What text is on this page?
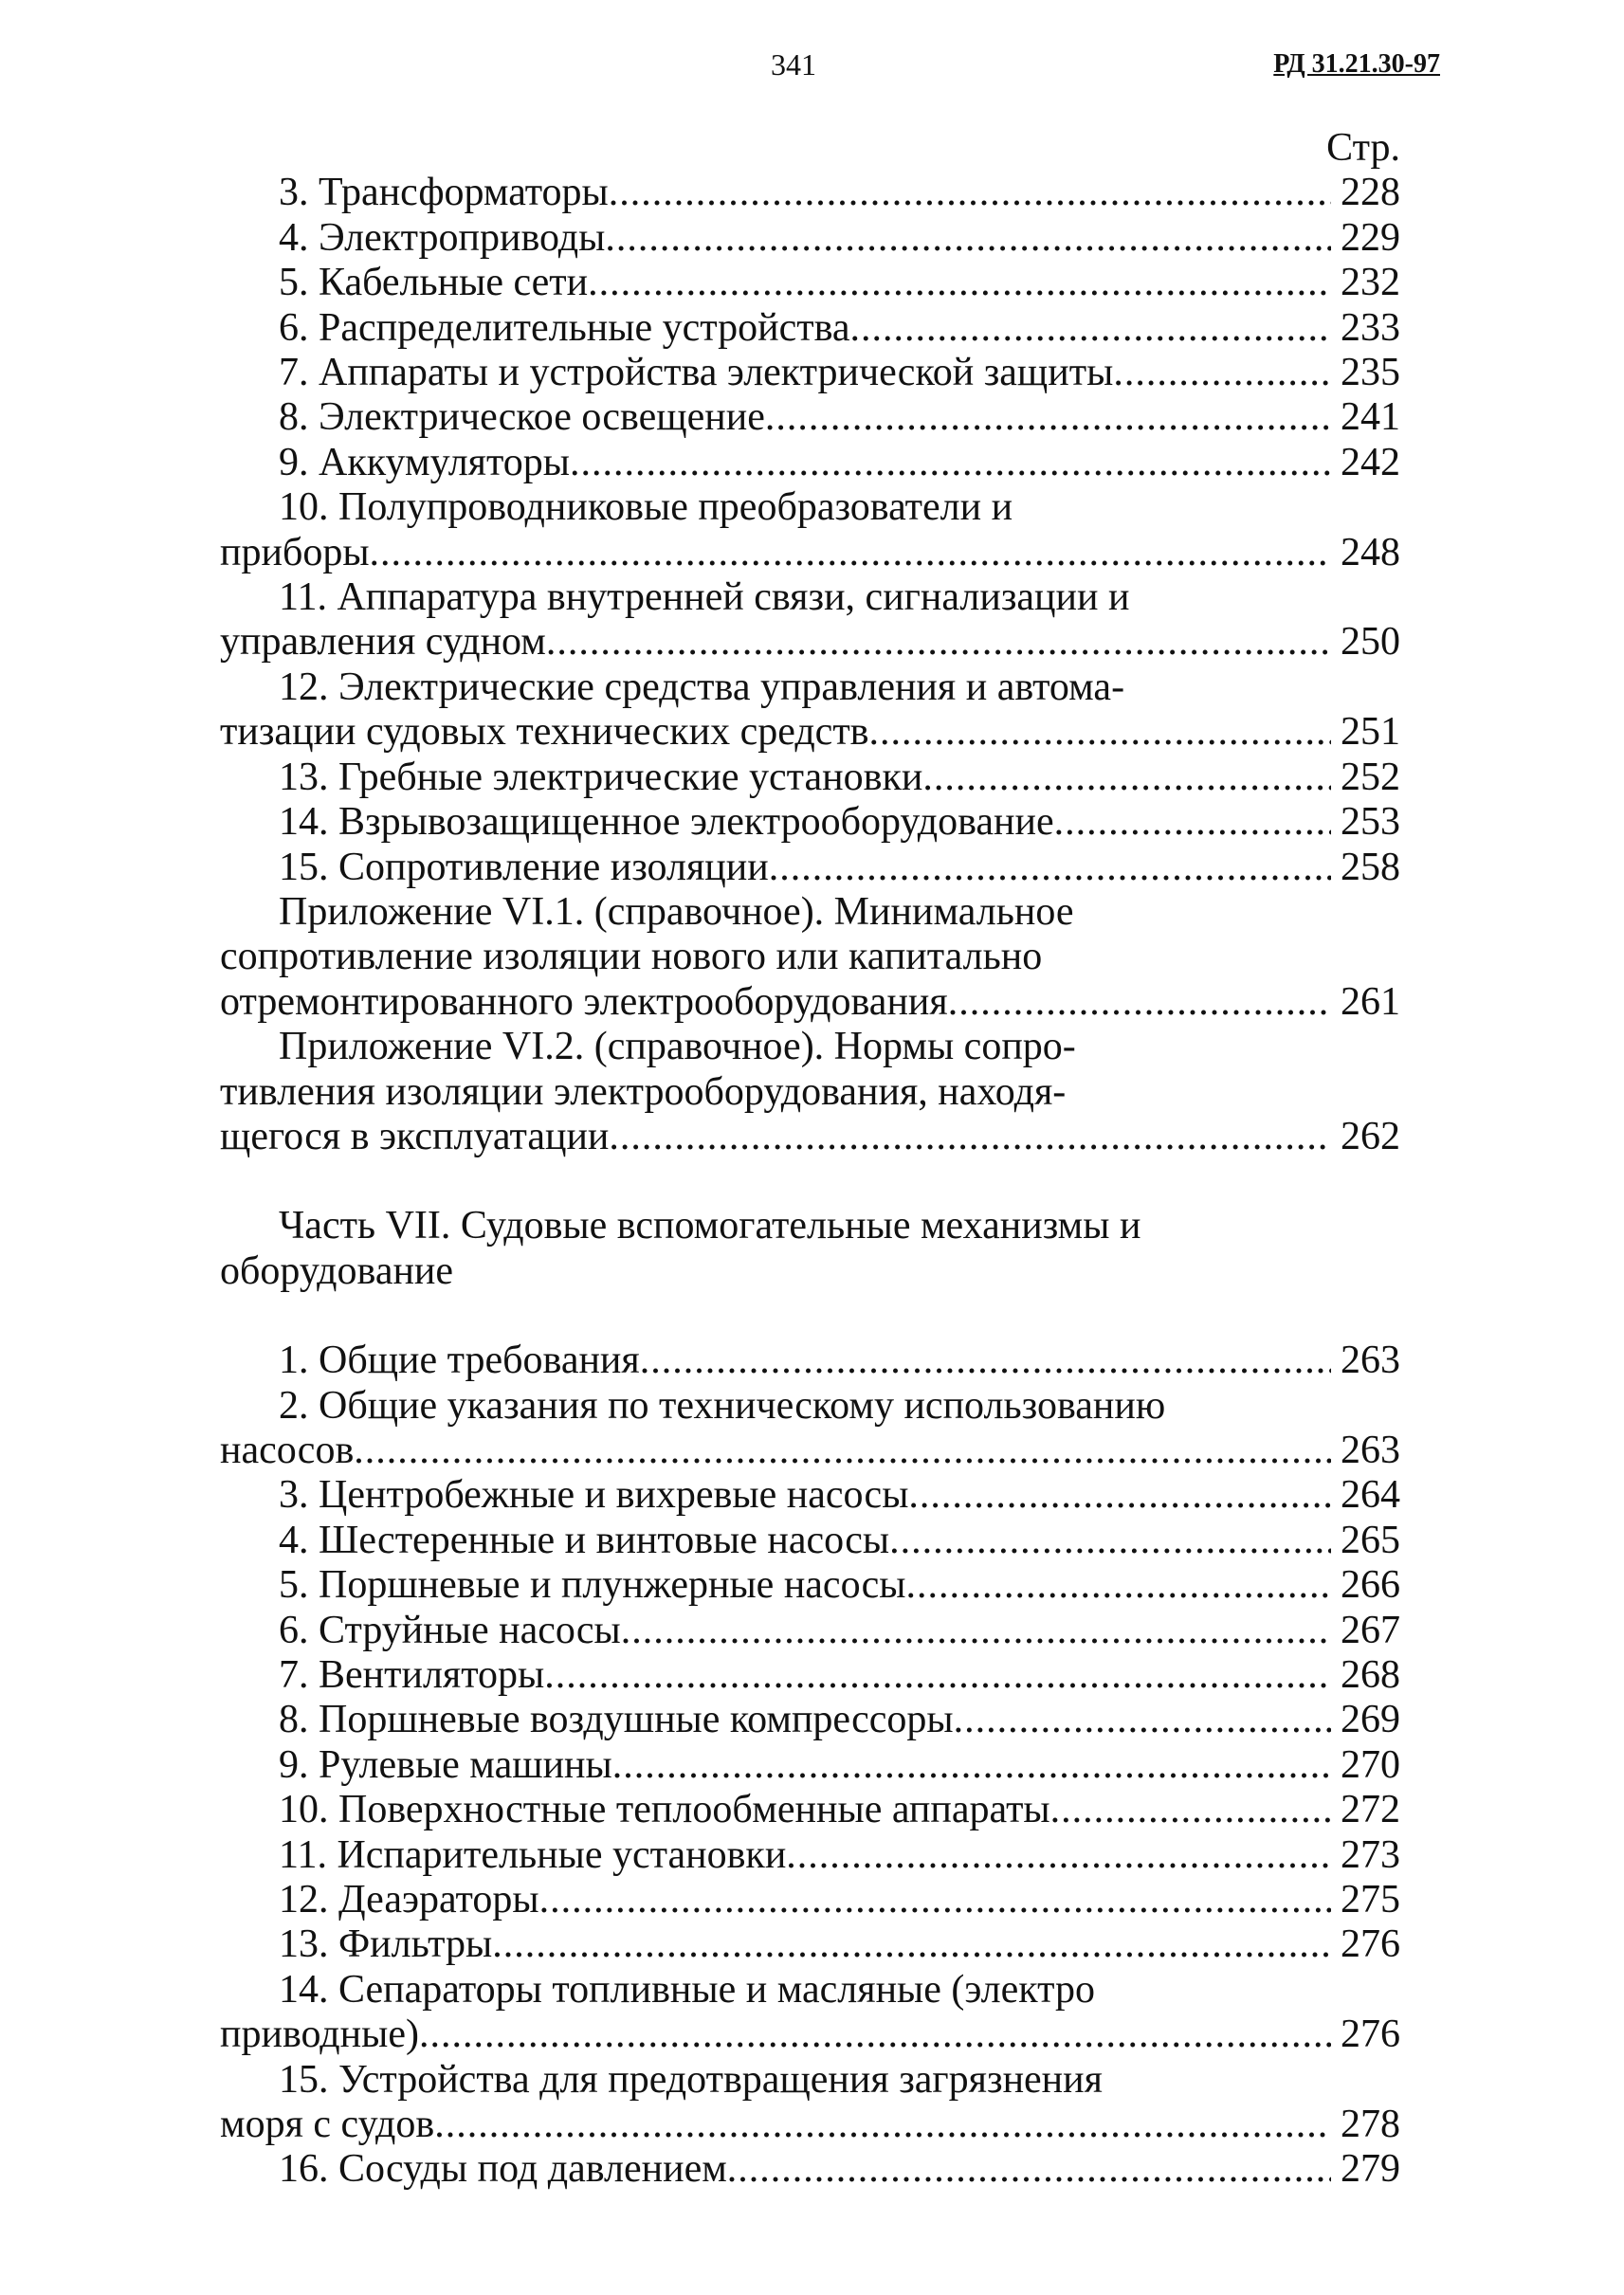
341	РД 31.21.30-97
Стр.
3. Трансформаторы .....	228
4. Электроприводы .....	229
5. Кабельные сети .....	232
6. Распределительные устройства .....	233
7. Аппараты и устройства электрической защиты .....	235
8. Электрическое освещение .....	241
9. Аккумуляторы .....	242
10. Полупроводниковые преобразователи и
приборы .....	248
11. Аппаратура внутренней связи, сигнализации и
управления судном .....	250
12. Электрические средства управления и автома-
тизации судовых технических средств .....	251
13. Гребные электрические установки .....	252
14. Взрывозащищенное электрооборудование .....	253
15. Сопротивление изоляции .....	258
Приложение VI.1. (справочное). Минимальное
сопротивление изоляции нового или капитально
отремонтированного электрооборудования .....	261
Приложение VI.2. (справочное). Нормы сопро-
тивления изоляции электрооборудования, находя-
щегося в эксплуатации .....	262
Часть VII. Судовые вспомогательные механизмы и
оборудование
1. Общие требования .....	263
2. Общие указания по техническому использованию
насосов .....	263
3. Центробежные и вихревые насосы .....	264
4. Шестеренные и винтовые насосы .....	265
5. Поршневые и плунжерные насосы .....	266
6. Струйные насосы .....	267
7. Вентиляторы .....	268
8. Поршневые воздушные компрессоры .....	269
9. Рулевые машины .....	270
10. Поверхностные теплообменные аппараты .....	272
11. Испарительные установки .....	273
12. Деаэраторы .....	275
13. Фильтры .....	276
14. Сепараторы топливные и масляные (электро
приводные) .....	276
15. Устройства для предотвращения загрязнения
моря с судов .....	278
16. Сосуды под давлением .....	279
